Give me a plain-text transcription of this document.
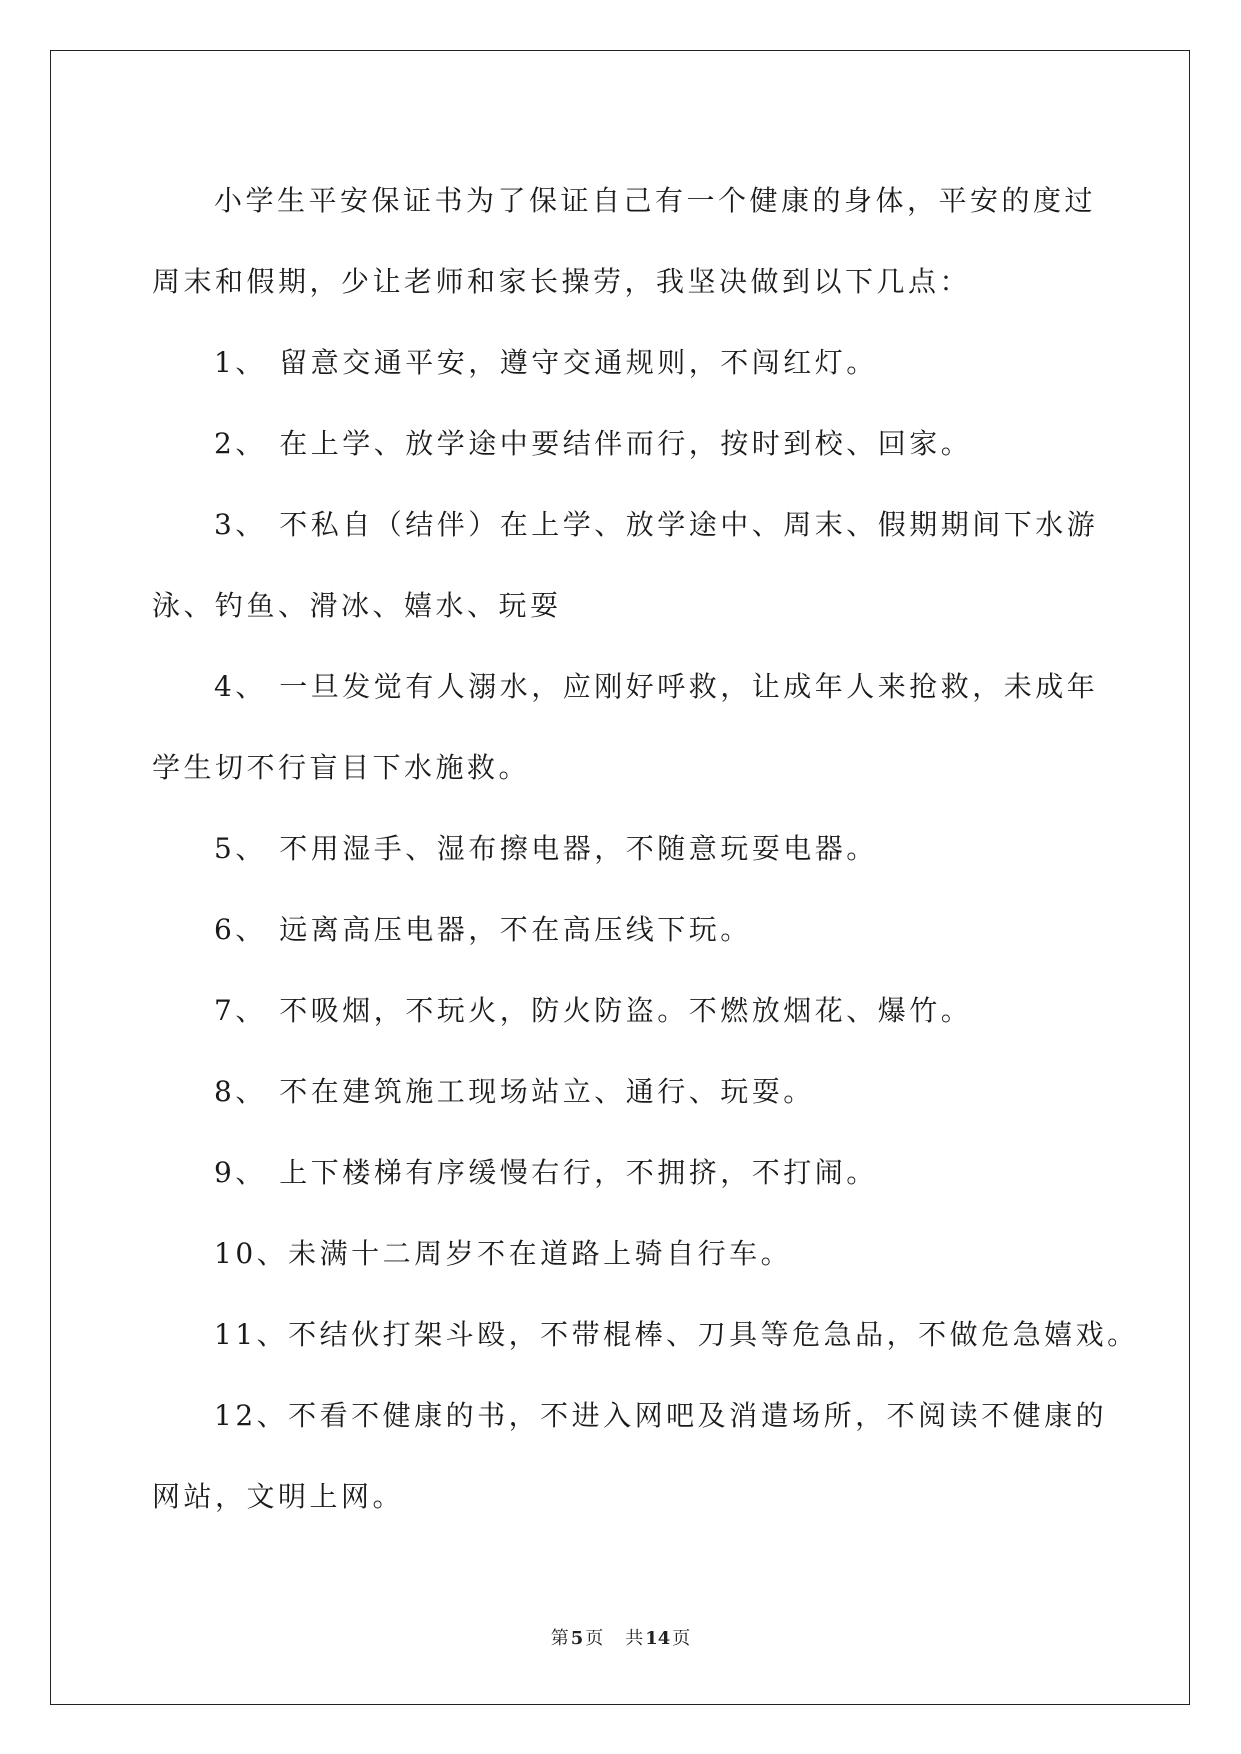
小学生平安保证书为了保证自己有一个健康的身体，平安的度过

周末和假期，少让老师和家长操劳，我坚决做到以下几点：

1、 留意交通平安，遵守交通规则，不闯红灯。

2、 在上学、放学途中要结伴而行，按时到校、回家。

3、 不私自（结伴）在上学、放学途中、周末、假期期间下水游

泳、钓鱼、滑冰、嬉水、玩耍

4、 一旦发觉有人溺水，应刚好呼救，让成年人来抢救，未成年

学生切不行盲目下水施救。

5、 不用湿手、湿布擦电器，不随意玩耍电器。

6、 远离高压电器，不在高压线下玩。

7、 不吸烟，不玩火，防火防盗。不燃放烟花、爆竹。

8、 不在建筑施工现场站立、通行、玩耍。

9、 上下楼梯有序缓慢右行，不拥挤，不打闹。

10、未满十二周岁不在道路上骑自行车。

11、不结伙打架斗殴，不带棍棒、刀具等危急品，不做危急嬉戏。

12、不看不健康的书，不进入网吧及消遣场所，不阅读不健康的

网站，文明上网。

第 5 页 共 14 页
